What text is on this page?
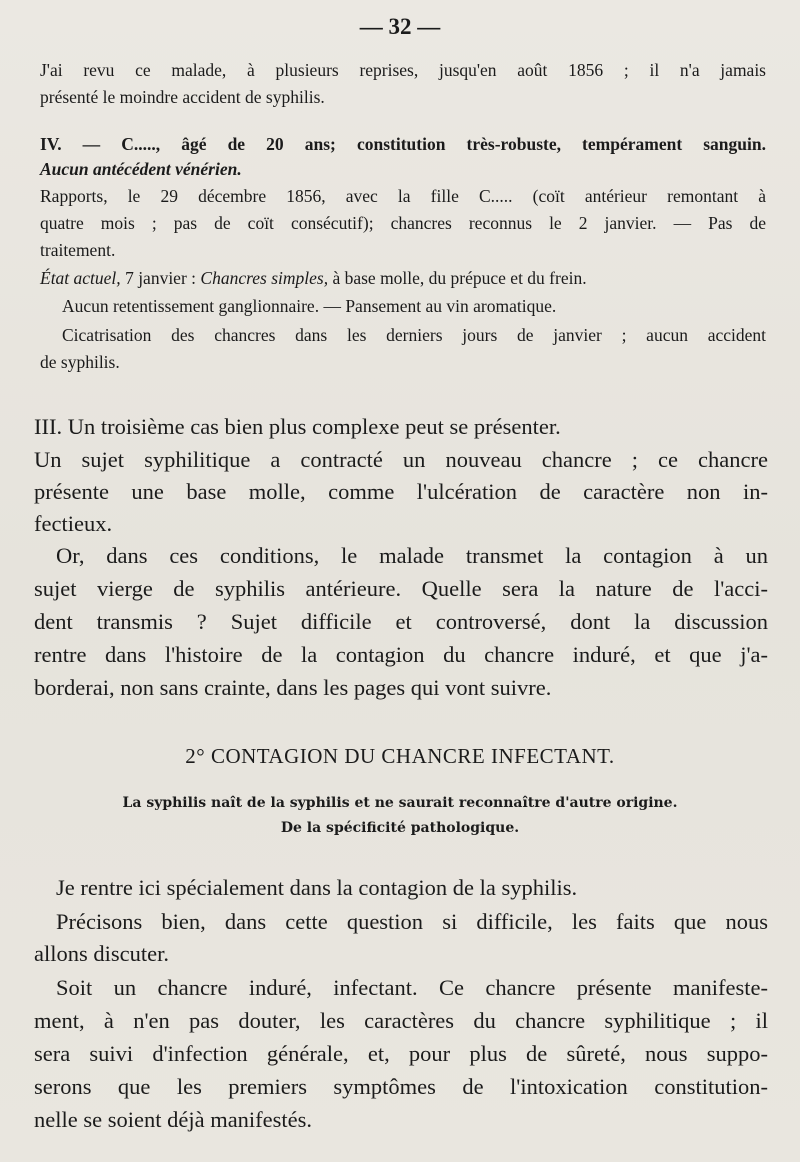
— 32 —
J'ai revu ce malade, à plusieurs reprises, jusqu'en août 1856 ; il n'a jamais
présenté le moindre accident de syphilis.
IV. — C....., âgé de 20 ans; constitution très-robuste, tempérament sanguin.
Aucun antécédent vénérien.
Rapports, le 29 décembre 1856, avec la fille C..... (coït antérieur remontant à
quatre mois ; pas de coït consécutif); chancres reconnus le 2 janvier. — Pas de
traitement.
État actuel, 7 janvier : Chancres simples, à base molle, du prépuce et du frein.
Aucun retentissement ganglionnaire. — Pansement au vin aromatique.
Cicatrisation des chancres dans les derniers jours de janvier ; aucun accident
de syphilis.
III. Un troisième cas bien plus complexe peut se présenter.
Un sujet syphilitique a contracté un nouveau chancre ; ce chancre
présente une base molle, comme l'ulcération de caractère non in-
fectieux.
Or, dans ces conditions, le malade transmet la contagion à un
sujet vierge de syphilis antérieure. Quelle sera la nature de l'acci-
dent transmis ? Sujet difficile et controversé, dont la discussion
rentre dans l'histoire de la contagion du chancre induré, et que j'a-
borderai, non sans crainte, dans les pages qui vont suivre.
2° CONTAGION DU CHANCRE INFECTANT.
La syphilis naît de la syphilis et ne saurait reconnaître d'autre origine.
De la spécificité pathologique.
Je rentre ici spécialement dans la contagion de la syphilis.
Précisons bien, dans cette question si difficile, les faits que nous
allons discuter.
Soit un chancre induré, infectant. Ce chancre présente manifeste-
ment, à n'en pas douter, les caractères du chancre syphilitique ; il
sera suivi d'infection générale, et, pour plus de sûreté, nous suppo-
serons que les premiers symptômes de l'intoxication constitution-
nelle se soient déjà manifestés.
